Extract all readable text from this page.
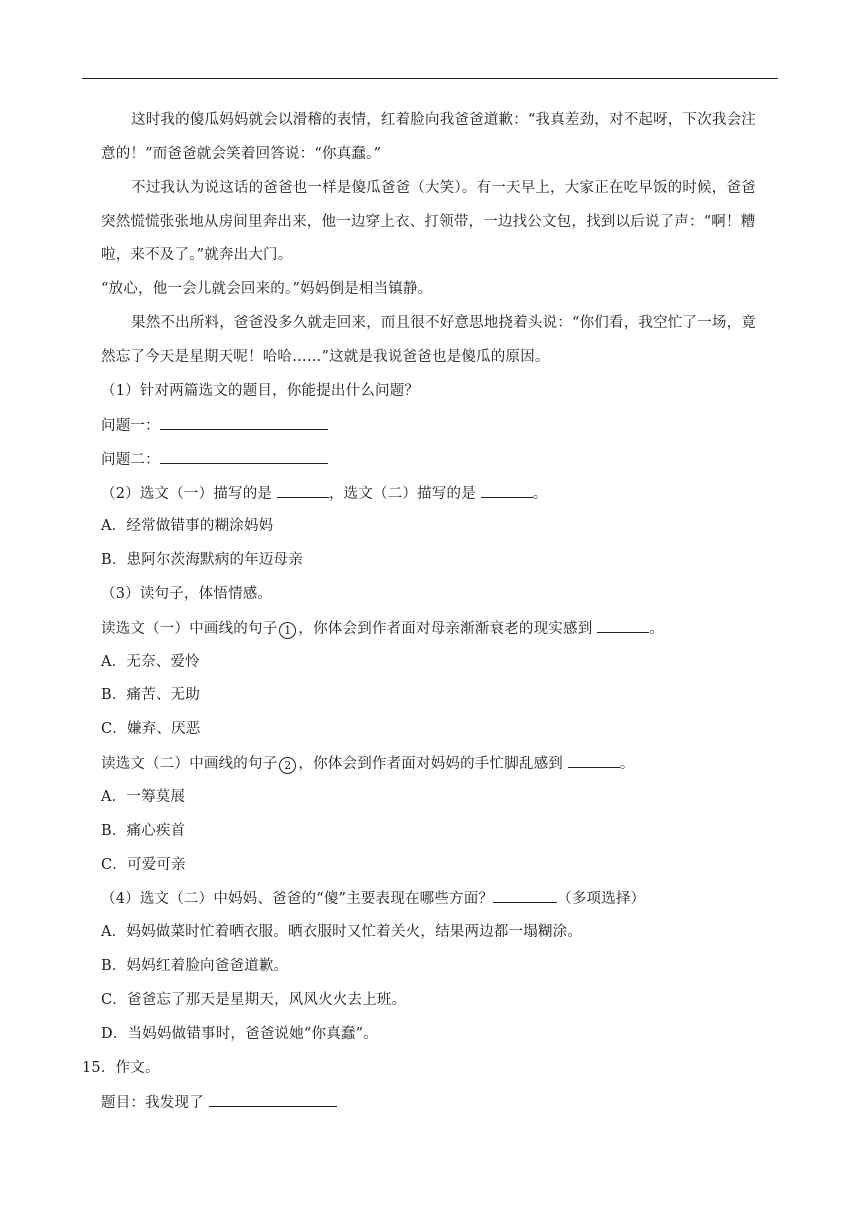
这时我的傻瓜妈妈就会以滑稽的表情，红着脸向我爸爸道歉：“我真差劲，对不起呀，下次我会注
意的！”而爸爸就会笑着回答说：“你真蠢。”
不过我认为说这话的爸爸也一样是傻瓜爸爸（大笑）。有一天早上，大家正在吃早饭的时候，爸爸
突然慌慌张张地从房间里奔出来，他一边穿上衣、打领带，一边找公文包，找到以后说了声：“啊！糟
啦，来不及了。”就奔出大门。
“放心，他一会儿就会回来的。”妈妈倒是相当镇静。
果然不出所料，爸爸没多久就走回来，而且很不好意思地挠着头说：“你们看，我空忙了一场，竟
然忘了今天是星期天呢！哈哈……”这就是我说爸爸也是傻瓜的原因。
（1）针对两篇选文的题目，你能提出什么问题？
问题一：
问题二：
（2）选文（一）描写的是	，选文（二）描写的是	。
A．经常做错事的糊涂妈妈
B．患阿尔茨海默病的年迈母亲
（3）读句子，体悟情感。
读选文（一）中画线的句子 1 ，你体会到作者面对母亲渐渐衰老的现实感到	。
A．无奈、爱怜
B．痛苦、无助
C．嫌弃、厌恶
读选文（二）中画线的句子 2 ，你体会到作者面对妈妈的手忙脚乱感到	。
A．一筹莫展
B．痛心疾首
C．可爱可亲
（4）选文（二）中妈妈、爸爸的“傻”主要表现在哪些方面？	（多项选择）
A．妈妈做菜时忙着晒衣服。晒衣服时又忙着关火，结果两边都一塌糊涂。
B．妈妈红着脸向爸爸道歉。
C．爸爸忘了那天是星期天，风风火火去上班。
D．当妈妈做错事时，爸爸说她“你真蠢”。
15．作文。
题目：我发现了
